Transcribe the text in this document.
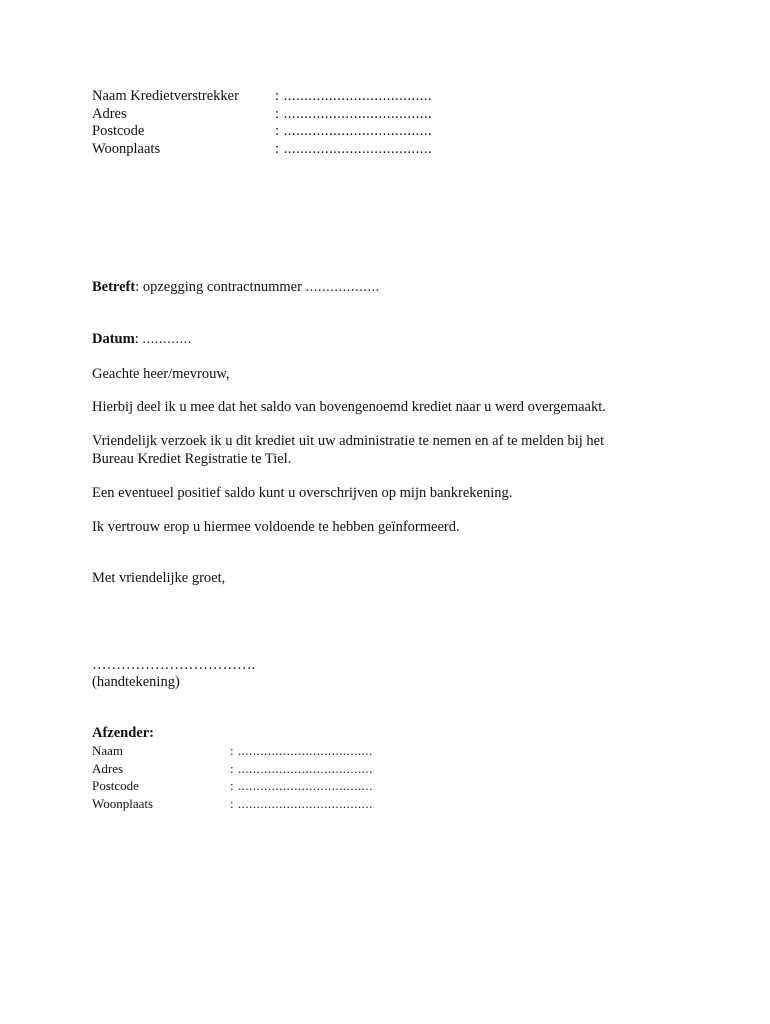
Naam Kredietverstrekker : ....................................
Adres	: ....................................
Postcode	: ....................................
Woonplaats	: ....................................

Betreft: opzegging contractnummer ..................

Datum: ............

Geachte heer/mevrouw,

Hierbij deel ik u mee dat het saldo van bovengenoemd krediet naar u werd overgemaakt.

Vriendelijk verzoek ik u dit krediet uit uw administratie te nemen en af te melden bij het

Bureau Krediet Registratie te Tiel.

Een eventueel positief saldo kunt u overschrijven op mijn bankrekening.

Ik vertrouw erop u hiermee voldoende te hebben geïnformeerd.

Met vriendelijke groet,

…………………………….

(handtekening)

Afzender:

Naam	: ....................................
Adres	: ....................................
Postcode	: ....................................
Woonplaats	: ....................................
